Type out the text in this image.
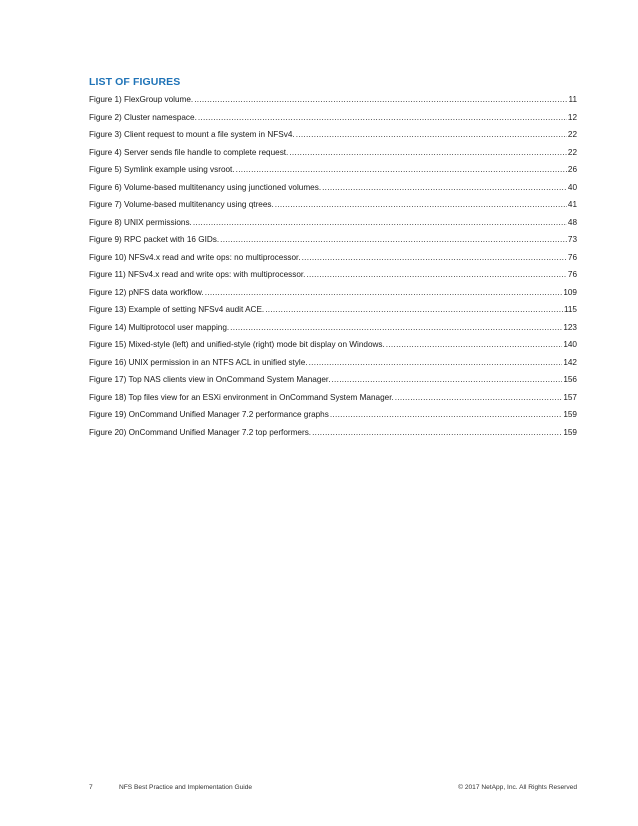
LIST OF FIGURES
Figure 1) FlexGroup volume. .....	11
Figure 2) Cluster namespace. .....	12
Figure 3) Client request to mount a file system in NFSv4. .....	22
Figure 4) Server sends file handle to complete request. .....	22
Figure 5) Symlink example using vsroot. .....	26
Figure 6) Volume-based multitenancy using junctioned volumes. .....	40
Figure 7) Volume-based multitenancy using qtrees. .....	41
Figure 8) UNIX permissions. .....	48
Figure 9) RPC packet with 16 GIDs. .....	73
Figure 10) NFSv4.x read and write ops: no multiprocessor. .....	76
Figure 11) NFSv4.x read and write ops: with multiprocessor. .....	76
Figure 12) pNFS data workflow. .....	109
Figure 13) Example of setting NFSv4 audit ACE. .....	115
Figure 14) Multiprotocol user mapping. .....	123
Figure 15) Mixed-style (left) and unified-style (right) mode bit display on Windows. .....	140
Figure 16) UNIX permission in an NTFS ACL in unified style. .....	142
Figure 17) Top NAS clients view in OnCommand System Manager. .....	156
Figure 18) Top files view for an ESXi environment in OnCommand System Manager. .....	157
Figure 19) OnCommand Unified Manager 7.2 performance graphs .....	159
Figure 20) OnCommand Unified Manager 7.2 top performers. .....	159
7	NFS Best Practice and Implementation Guide	© 2017 NetApp, Inc. All Rights Reserved
